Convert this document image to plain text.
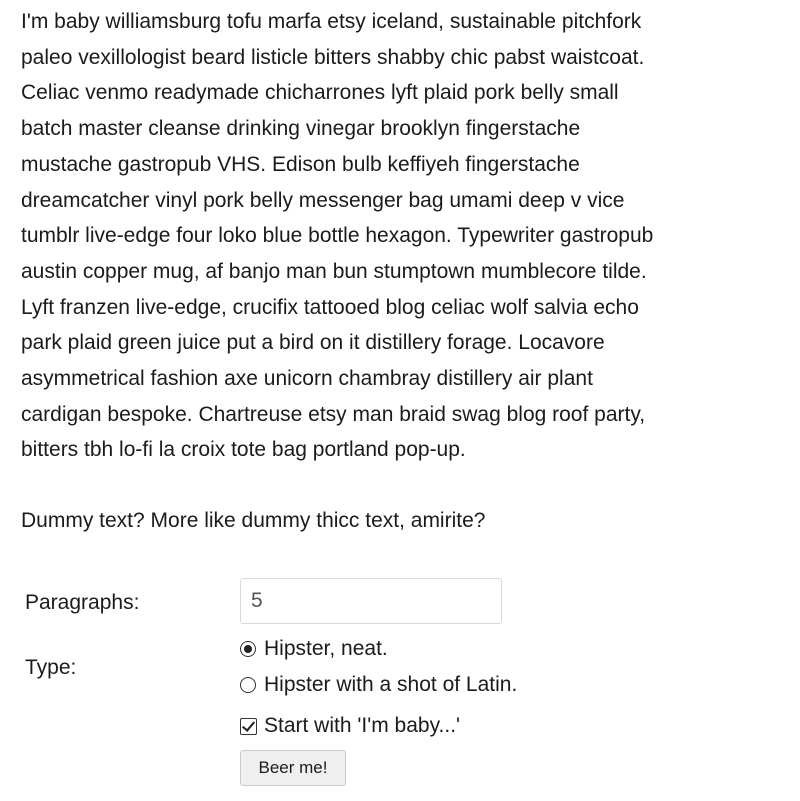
I'm baby williamsburg tofu marfa etsy iceland, sustainable pitchfork
paleo vexillologist beard listicle bitters shabby chic pabst waistcoat.
Celiac venmo readymade chicharrones lyft plaid pork belly small
batch master cleanse drinking vinegar brooklyn fingerstache
mustache gastropub VHS. Edison bulb keffiyeh fingerstache
dreamcatcher vinyl pork belly messenger bag umami deep v vice
tumblr live-edge four loko blue bottle hexagon. Typewriter gastropub
austin copper mug, af banjo man bun stumptown mumblecore tilde.
Lyft franzen live-edge, crucifix tattooed blog celiac wolf salvia echo
park plaid green juice put a bird on it distillery forage. Locavore
asymmetrical fashion axe unicorn chambray distillery air plant
cardigan bespoke. Chartreuse etsy man braid swag blog roof party,
bitters tbh lo-fi la croix tote bag portland pop-up.

Dummy text? More like dummy thicc text, amirite?

Paragraphs:
5
Type:
Hipster, neat.
Hipster with a shot of Latin.
Start with 'I'm baby...'
Beer me!
